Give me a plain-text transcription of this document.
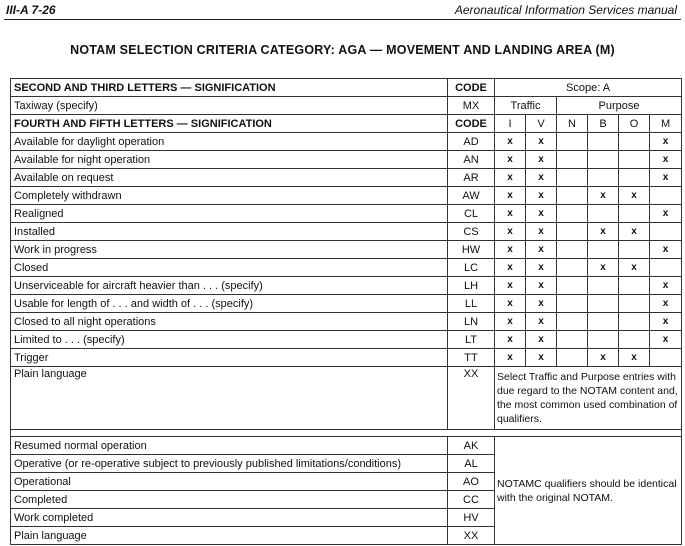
III-A 7-26	Aeronautical Information Services manual
NOTAM SELECTION CRITERIA CATEGORY: AGA — MOVEMENT AND LANDING AREA (M)
SECOND AND THIRD LETTERS — SIGNIFICATION	CODE	Scope: A					
Taxiway (specify)	MX	Traffic		Purpose			
FOURTH AND FIFTH LETTERS — SIGNIFICATION	CODE	I	V	N	B	O	M
Available for daylight operation	AD	x	x				x
Available for night operation	AN	x	x				x
Available on request	AR	x	x				x
Completely withdrawn	AW	x	x		x	x	
Realigned	CL	x	x				x
Installed	CS	x	x		x	x	
Work in progress	HW	x	x				x
Closed	LC	x	x		x	x	
Unserviceable for aircraft heavier than . . . (specify)	LH	x	x				x
Usable for length of . . . and width of . . . (specify)	LL	x	x				x
Closed to all night operations	LN	x	x				x
Limited to . . . (specify)	LT	x	x				x
Trigger	TT	x	x		x	x	
Plain language	XX	Select Traffic and Purpose entries with due regard to the NOTAM content and, the most common used combination of qualifiers.					

Resumed normal operation	AK	NOTAMC qualifiers should be identical with the original NOTAM.					
Operative (or re-operative subject to previously published limitations/conditions)	AL						
Operational	AO						
Completed	CC						
Work completed	HV						
Plain language	XX						
